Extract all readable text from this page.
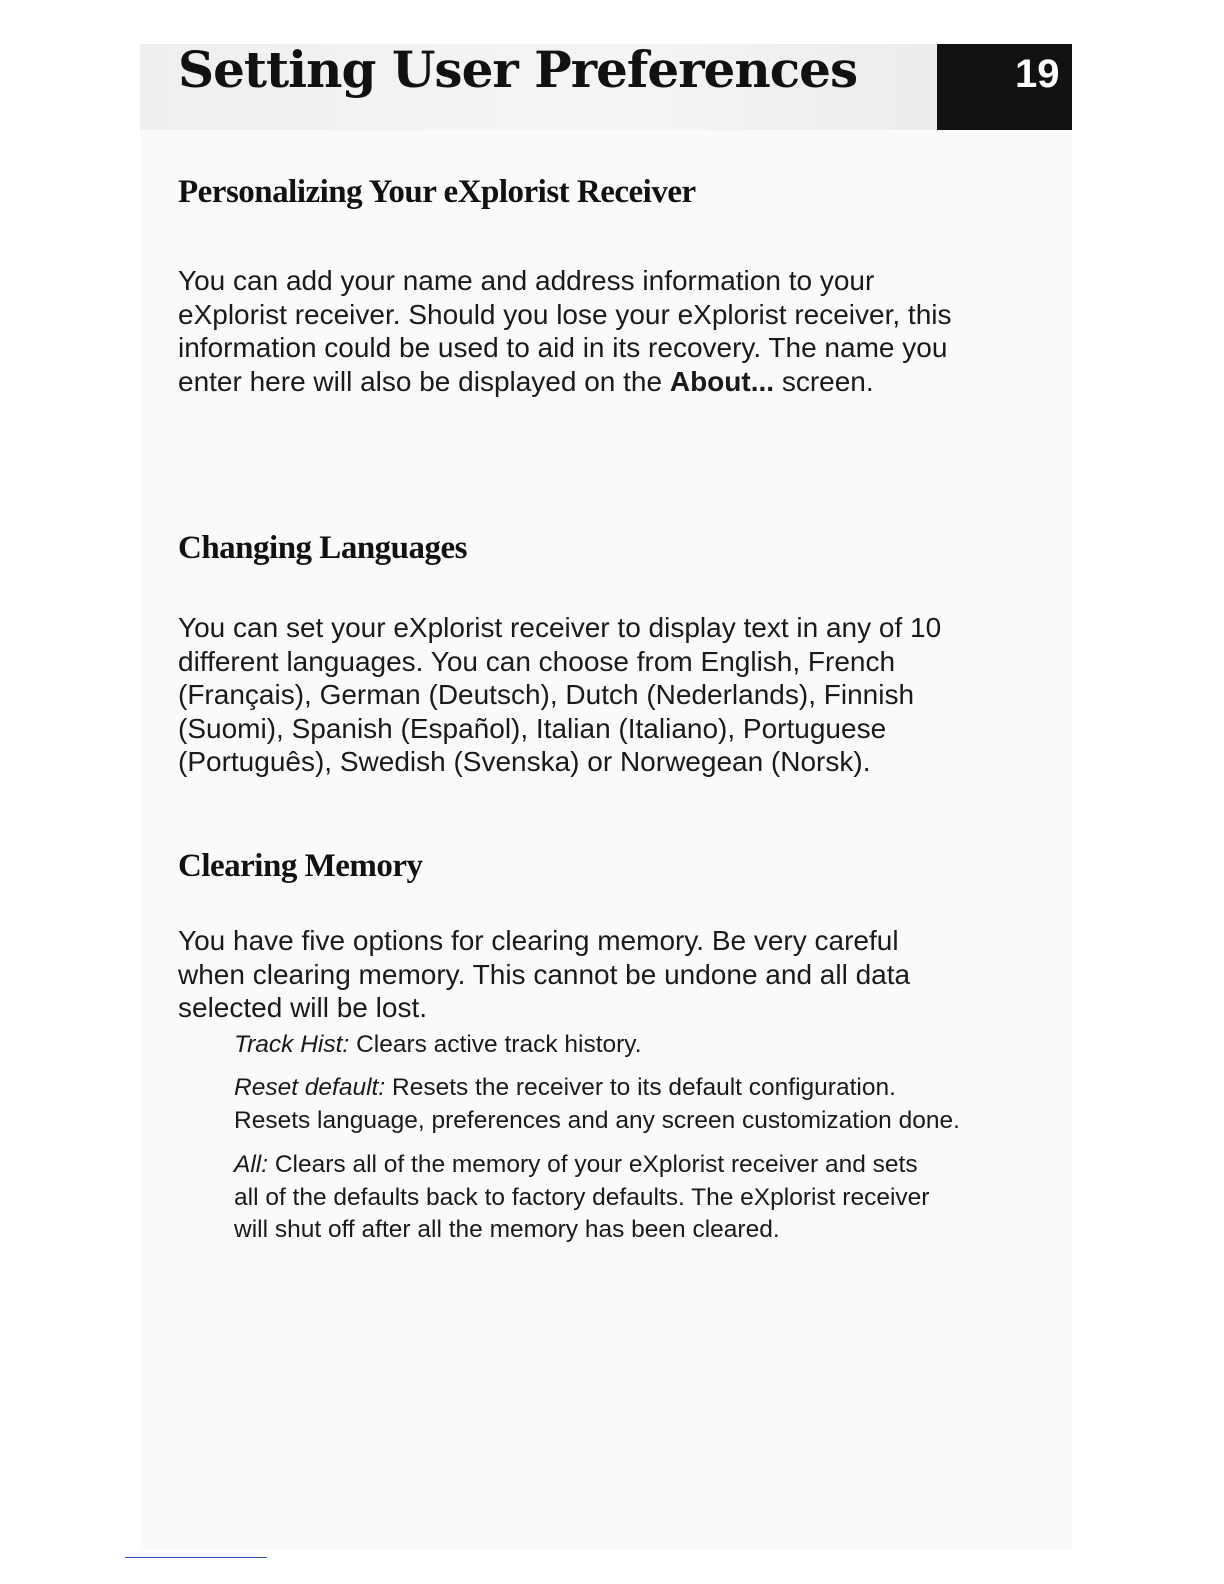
Setting User Preferences	19
Personalizing Your eXplorist Receiver

You can add your name and address information to your
eXplorist receiver. Should you lose your eXplorist receiver, this
information could be used to aid in its recovery. The name you
enter here will also be displayed on the About... screen.

Changing Languages

You can set your eXplorist receiver to display text in any of 10
different languages. You can choose from English, French
(Français), German (Deutsch), Dutch (Nederlands), Finnish
(Suomi), Spanish (Español), Italian (Italiano), Portuguese
(Português), Swedish (Svenska) or Norwegean (Norsk).

Clearing Memory

You have five options for clearing memory. Be very careful
when clearing memory. This cannot be undone and all data
selected will be lost.

Track Hist: Clears active track history.

Reset default: Resets the receiver to its default configuration.
Resets language, preferences and any screen customization done.

All: Clears all of the memory of your eXplorist receiver and sets
all of the defaults back to factory defaults. The eXplorist receiver
will shut off after all the memory has been cleared.
